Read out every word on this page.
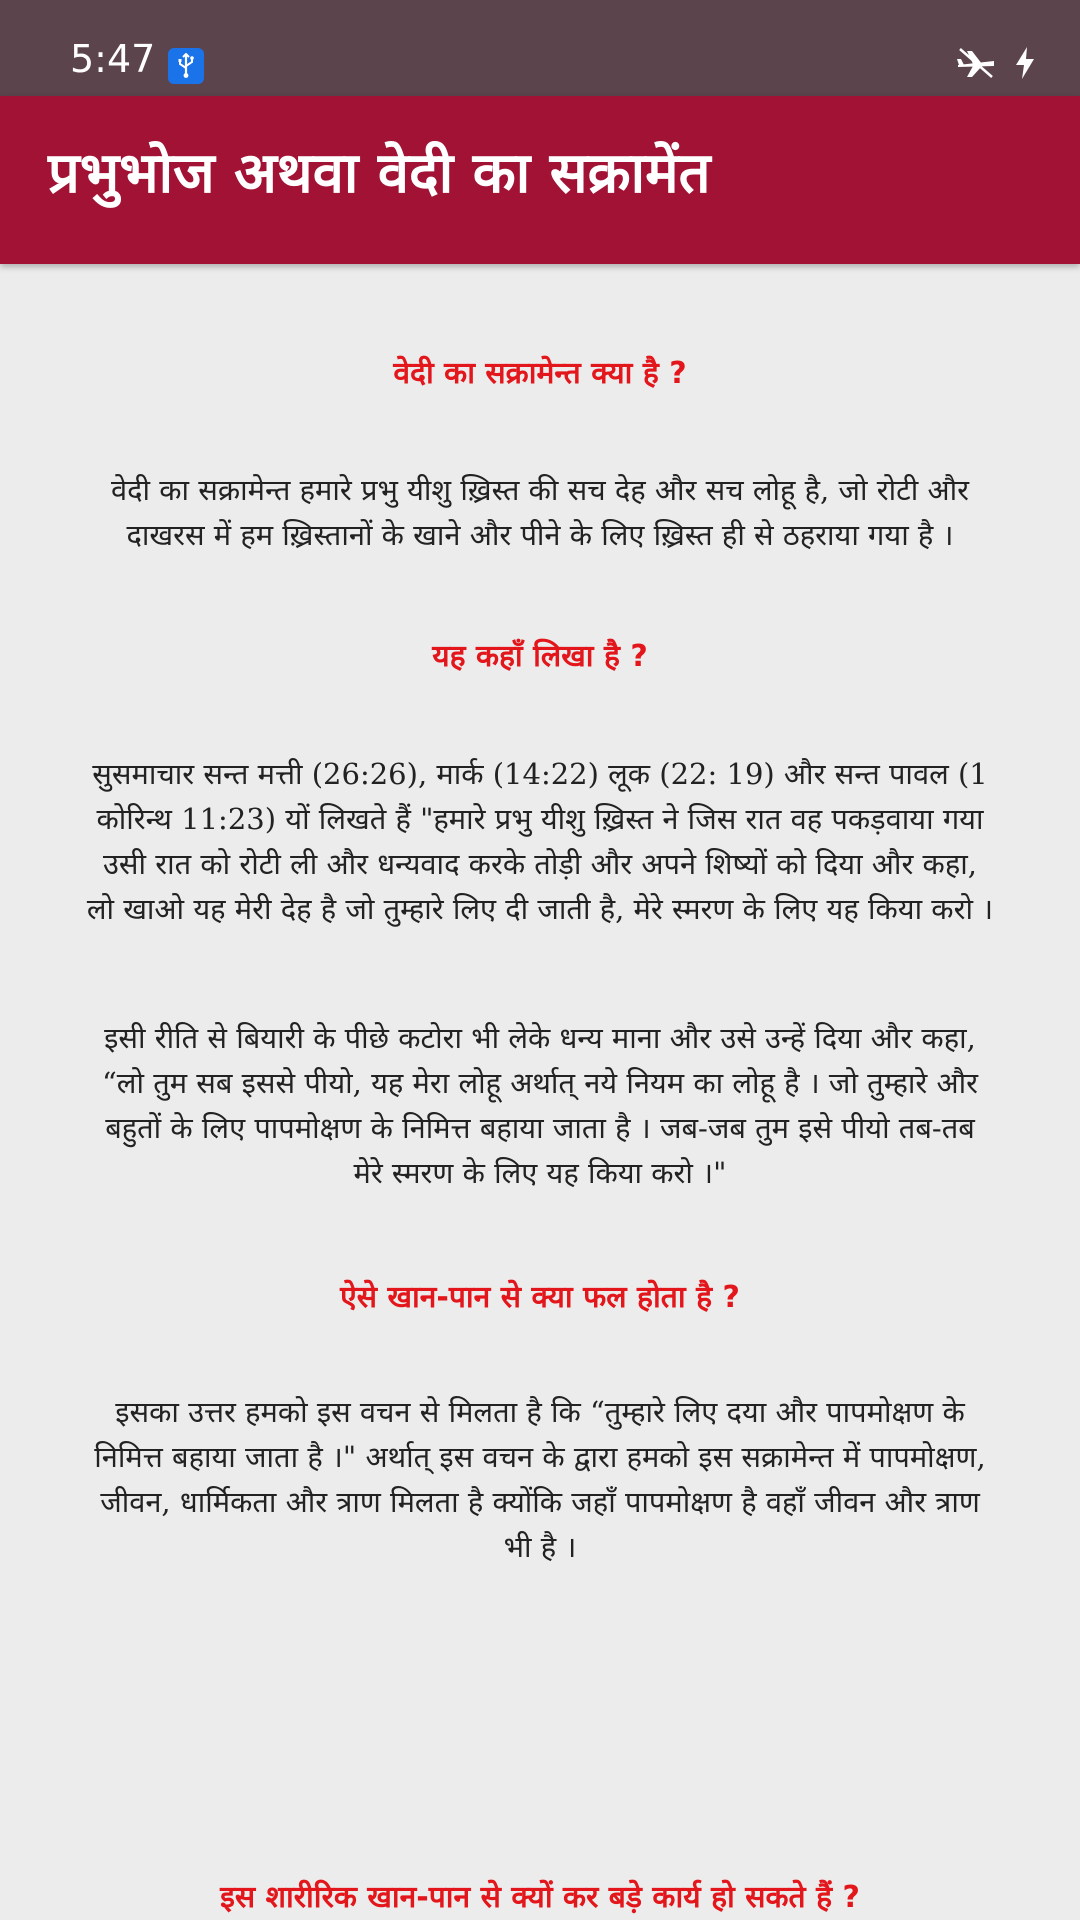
5:47
प्रभुभोज अथवा वेदी का सक्रामेंत
वेदी का सक्रामेन्त क्या है ?
वेदी का सक्रामेन्त हमारे प्रभु यीशु ख़्रिस्त की सच देह और सच लोहू है, जो रोटी और दाखरस में हम ख़्रिस्तानों के खाने और पीने के लिए ख़्रिस्त ही से ठहराया गया है ।
यह कहाँ लिखा है ?
सुसमाचार सन्त मत्ती (26:26), मार्क (14:22) लूक (22: 19) और सन्त पावल (1 कोरिन्थ 11:23) यों लिखते हैं "हमारे प्रभु यीशु ख़्रिस्त ने जिस रात वह पकड़वाया गया उसी रात को रोटी ली और धन्यवाद करके तोड़ी और अपने शिष्यों को दिया और कहा, लो खाओ यह मेरी देह है जो तुम्हारे लिए दी जाती है, मेरे स्मरण के लिए यह किया करो ।
इसी रीति से बियारी के पीछे कटोरा भी लेके धन्य माना और उसे उन्हें दिया और कहा, “लो तुम सब इससे पीयो, यह मेरा लोहू अर्थात् नये नियम का लोहू है । जो तुम्हारे और बहुतों के लिए पापमोक्षण के निमित्त बहाया जाता है । जब-जब तुम इसे पीयो तब-तब मेरे स्मरण के लिए यह किया करो ।"
ऐसे खान-पान से क्या फल होता है ?
इसका उत्तर हमको इस वचन से मिलता है कि “तुम्हारे लिए दया और पापमोक्षण के निमित्त बहाया जाता है ।" अर्थात् इस वचन के द्वारा हमको इस सक्रामेन्त में पापमोक्षण, जीवन, धार्मिकता और त्राण मिलता है क्योंकि जहाँ पापमोक्षण है वहाँ जीवन और त्राण भी है ।
इस शारीरिक खान-पान से क्यों कर बड़े कार्य हो सकते हैं ?
